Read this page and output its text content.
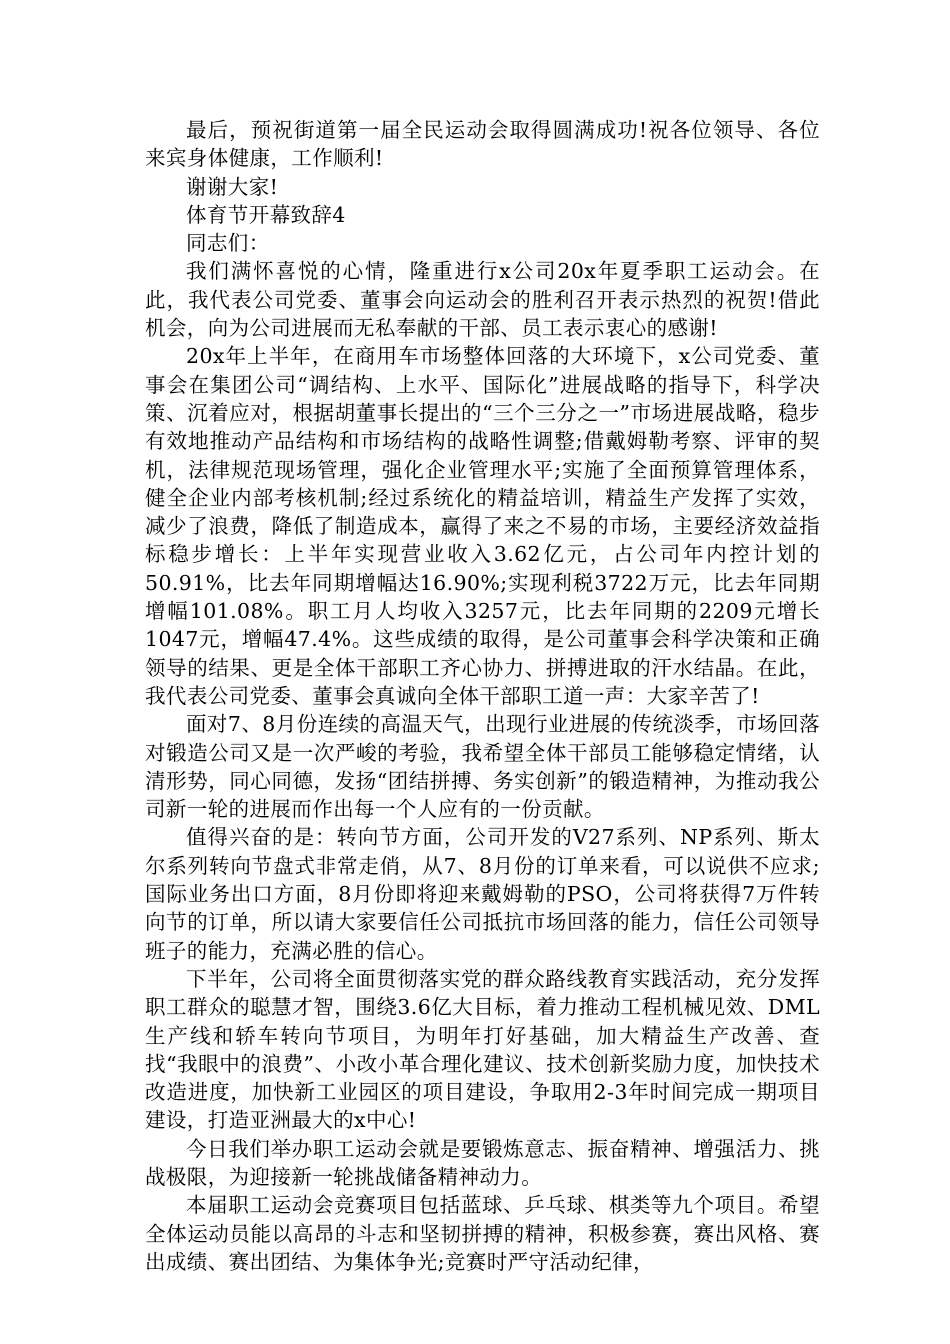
最后，预祝街道第一届全民运动会取得圆满成功!祝各位领导、各位来宾身体健康，工作顺利!

谢谢大家!

体育节开幕致辞4

同志们：

我们满怀喜悦的心情，隆重进行x公司20x年夏季职工运动会。在此，我代表公司党委、董事会向运动会的胜利召开表示热烈的祝贺!借此机会，向为公司进展而无私奉献的干部、员工表示衷心的感谢!

20x年上半年，在商用车市场整体回落的大环境下，x公司党委、董事会在集团公司“调结构、上水平、国际化”进展战略的指导下，科学决策、沉着应对，根据胡董事长提出的“三个三分之一”市场进展战略，稳步有效地推动产品结构和市场结构的战略性调整;借戴姆勒考察、评审的契机，法律规范现场管理，强化企业管理水平;实施了全面预算管理体系，健全企业内部考核机制;经过系统化的精益培训，精益生产发挥了实效，减少了浪费，降低了制造成本，赢得了来之不易的市场，主要经济效益指标稳步增长：上半年实现营业收入3.62亿元，占公司年内控计划的50.91%，比去年同期增幅达16.90%;实现利税3722万元，比去年同期增幅101.08%。职工月人均收入3257元，比去年同期的2209元增长1047元，增幅47.4%。这些成绩的取得，是公司董事会科学决策和正确领导的结果、更是全体干部职工齐心协力、拼搏进取的汗水结晶。在此，我代表公司党委、董事会真诚向全体干部职工道一声：大家辛苦了!

面对7、8月份连续的高温天气，出现行业进展的传统淡季，市场回落对锻造公司又是一次严峻的考验，我希望全体干部员工能够稳定情绪，认清形势，同心同德，发扬“团结拼搏、务实创新”的锻造精神，为推动我公司新一轮的进展而作出每一个人应有的一份贡献。

值得兴奋的是：转向节方面，公司开发的V27系列、NP系列、斯太尔系列转向节盘式非常走俏，从7、8月份的订单来看，可以说供不应求;国际业务出口方面，8月份即将迎来戴姆勒的PSO，公司将获得7万件转向节的订单，所以请大家要信任公司抵抗市场回落的能力，信任公司领导班子的能力，充满必胜的信心。

下半年，公司将全面贯彻落实党的群众路线教育实践活动，充分发挥职工群众的聪慧才智，围绕3.6亿大目标，着力推动工程机械见效、DML生产线和轿车转向节项目，为明年打好基础，加大精益生产改善、查找“我眼中的浪费”、小改小革合理化建议、技术创新奖励力度，加快技术改造进度，加快新工业园区的项目建设，争取用2-3年时间完成一期项目建设，打造亚洲最大的x中心!

今日我们举办职工运动会就是要锻炼意志、振奋精神、增强活力、挑战极限，为迎接新一轮挑战储备精神动力。

本届职工运动会竞赛项目包括蓝球、乒乓球、棋类等九个项目。希望全体运动员能以高昂的斗志和坚韧拼搏的精神，积极参赛，赛出风格、赛出成绩、赛出团结、为集体争光;竞赛时严守活动纪律，
